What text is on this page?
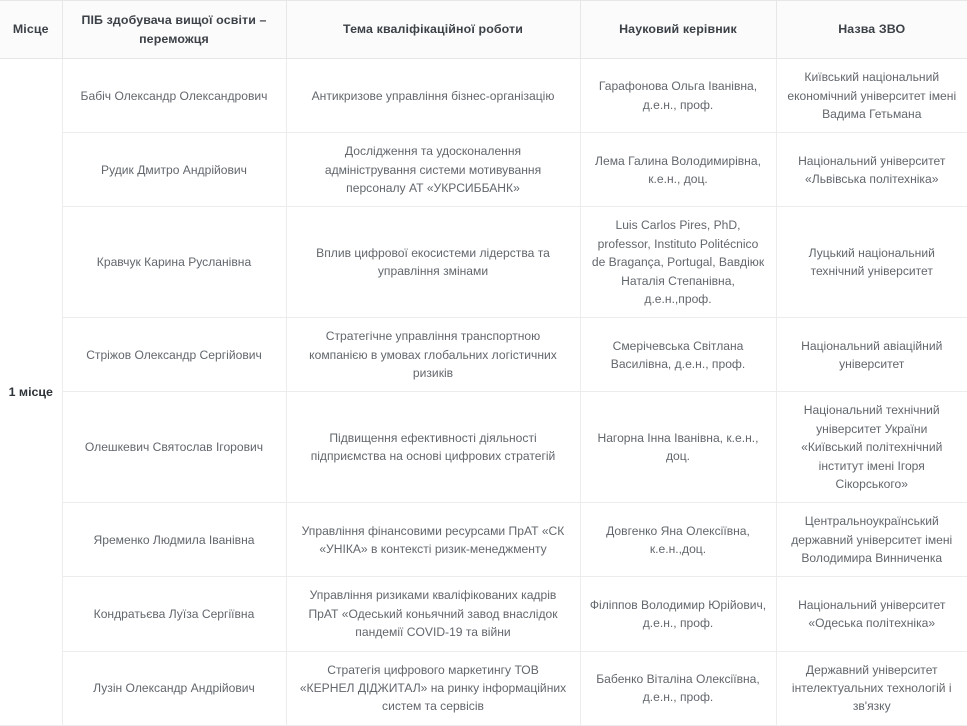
Місце	ПІБ здобувача вищої освіти – переможця	Тема кваліфікаційної роботи	Науковий керівник	Назва ЗВО
1 місце	Бабіч Олександр Олександрович	Антикризове управління бізнес-організацію	Гарафонова Ольга Іванівна, д.е.н., проф.	Київський національний економічний університет імені Вадима Гетьмана
	Рудик Дмитро Андрійович	Дослідження та удосконалення адміністрування системи мотивування персоналу АТ «УКРСИББАНК»	Лема Галина Володимирівна, к.е.н., доц.	Національний університет «Львівська політехніка»
	Кравчук Карина Русланівна	Вплив цифрової екосистеми лідерства та управління змінами	Luis Carlos Pires, PhD, professor, Instituto Politécnico de Bragança, Portugal, Вавдіюк Наталія Степанівна, д.е.н.,проф.	Луцький національний технічний університет
	Стріжов Олександр Сергійович	Стратегічне управління транспортною компанією в умовах глобальних логістичних ризиків	Смерічевська Світлана Василівна, д.е.н., проф.	Національний авіаційний університет
	Олешкевич Святослав Ігорович	Підвищення ефективності діяльності підприємства на основі цифрових стратегій	Нагорна Інна Іванівна, к.е.н., доц.	Національний технічний університет України «Київський політехнічний інститут імені Ігоря Сікорського»
	Яременко Людмила Іванівна	Управління фінансовими ресурсами ПрАТ «СК «УНІКА» в контексті ризик-менеджменту	Довгенко Яна Олексіївна, к.е.н.,доц.	Центральноукраїнський державний університет імені Володимира Винниченка
	Кондратьєва Луїза Сергіївна	Управління ризиками кваліфікованих кадрів ПрАТ «Одеський коньячний завод внаслідок пандемії COVID-19 та війни	Філіппов Володимир Юрійович, д.е.н., проф.	Національний університет «Одеська політехніка»
	Лузін Олександр Андрійович	Стратегія цифрового маркетингу ТОВ «КЕРНЕЛ ДІДЖИТАЛ» на ринку інформаційних систем та сервісів	Бабенко Віталіна Олексіївна, д.е.н., проф.	Державний університет інтелектуальних технологій і зв'язку
